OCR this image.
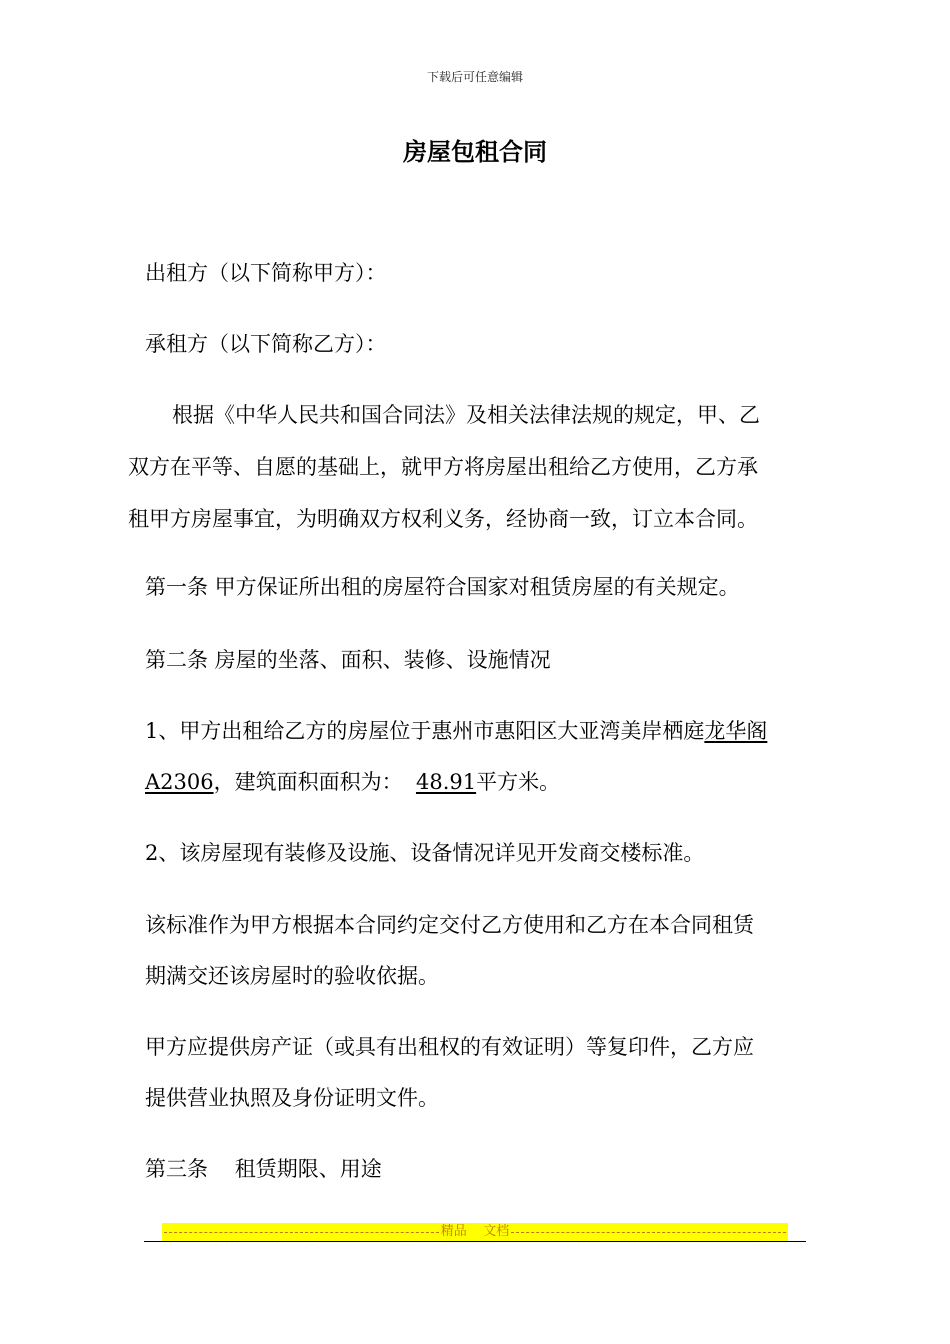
下载后可任意编辑
房屋包租合同
出租方（以下简称甲方）：
承租方（以下简称乙方）：
根据《中华人民共和国合同法》及相关法律法规的规定，甲、乙
双方在平等、自愿的基础上，就甲方将房屋出租给乙方使用，乙方承
租甲方房屋事宜，为明确双方权利义务，经协商一致，订立本合同。
第一条 甲方保证所出租的房屋符合国家对租赁房屋的有关规定。
第二条 房屋的坐落、面积、装修、设施情况
1、甲方出租给乙方的房屋位于惠州市惠阳区大亚湾美岸栖庭龙华阁
A2306，建筑面积面积为：  48.91平方米。
2、该房屋现有装修及设施、设备情况详见开发商交楼标准。
该标准作为甲方根据本合同约定交付乙方使用和乙方在本合同租赁
期满交还该房屋时的验收依据。
甲方应提供房产证（或具有出租权的有效证明）等复印件，乙方应
提供营业执照及身份证明文件。
第三条    租赁期限、用途
精品    文档
